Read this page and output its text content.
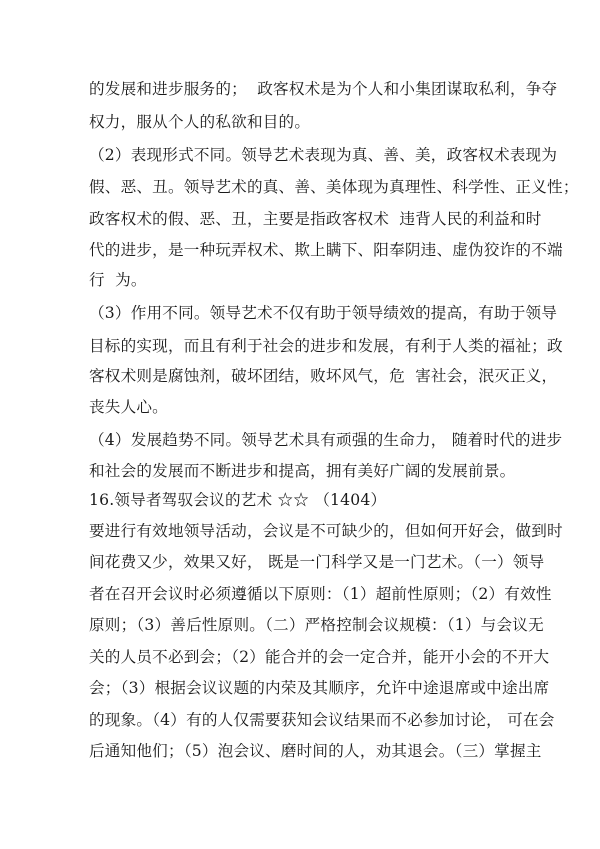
的发展和进步服务的；  政客权术是为个人和小集团谋取私利，争夺
权力，服从个人的私欲和目的。
（2）表现形式不同。领导艺术表现为真、善、美，政客权术表现为
假、恶、丑。领导艺术的真、善、美体现为真理性、科学性、正义性；
政客权术的假、恶、丑，主要是指政客权术  违背人民的利益和时
代的进步，是一种玩弄权术、欺上瞒下、阳奉阴违、虚伪狡诈的不端
行  为。
（3）作用不同。领导艺术不仅有助于领导绩效的提高，有助于领导
目标的实现，而且有利于社会的进步和发展，有利于人类的福祉；政
客权术则是腐蚀剂，破坏团结，败坏风气，危  害社会，泯灭正义，
丧失人心。
（4）发展趋势不同。领导艺术具有顽强的生命力， 随着时代的进步
和社会的发展而不断进步和提高，拥有美好广阔的发展前景。
16.领导者驾驭会议的艺术 ☆☆ （1404）
要进行有效地领导活动，会议是不可缺少的，但如何开好会，做到时
间花费又少，效果又好， 既是一门科学又是一门艺术。（一）领导
者在召开会议时必须遵循以下原则：（1）超前性原则；（2）有效性
原则；（3）善后性原则。（二）严格控制会议规模：（1）与会议无
关的人员不必到会；（2）能合并的会一定合并，能开小会的不开大
会；（3）根据会议议题的内荣及其顺序，允许中途退席或中途出席
的现象。（4）有的人仅需要获知会议结果而不必参加讨论， 可在会
后通知他们；（5）泡会议、磨时间的人，劝其退会。（三）掌握主
